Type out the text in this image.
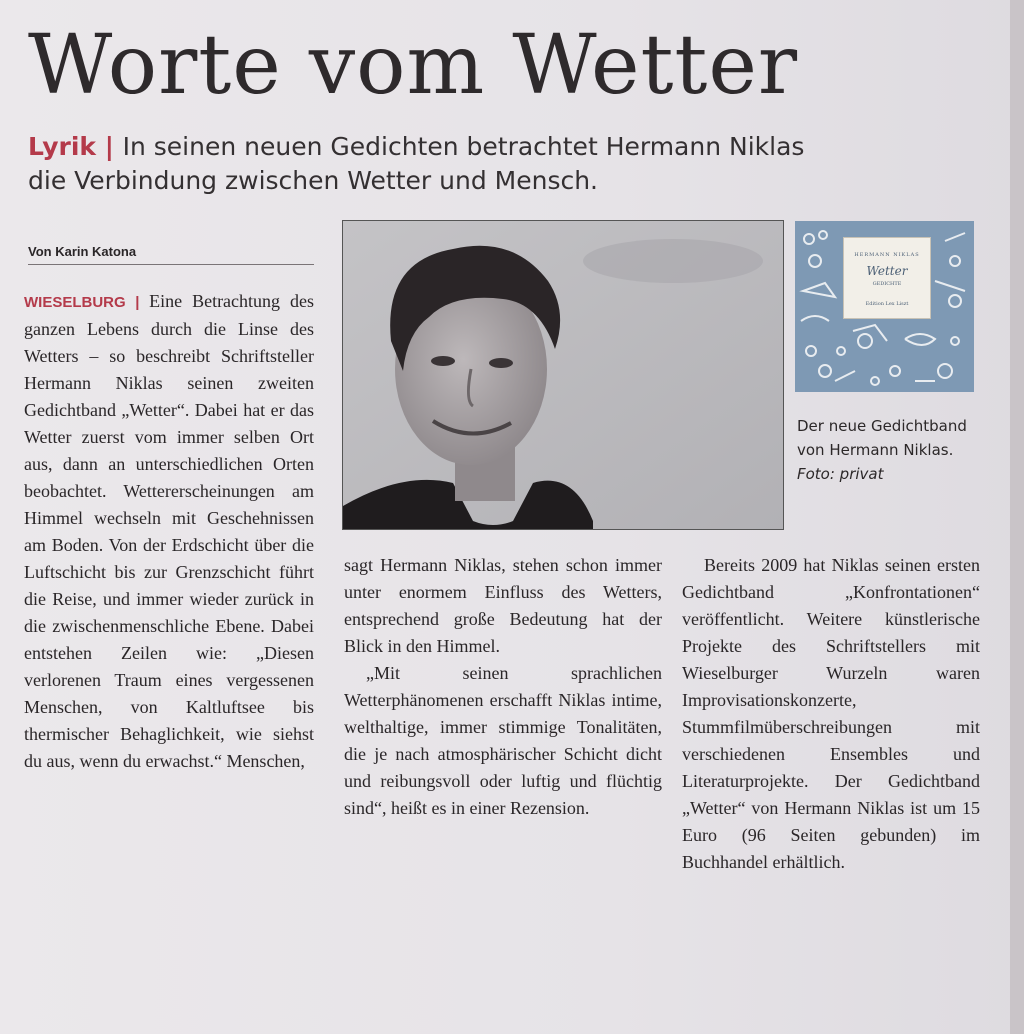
Worte vom Wetter
Lyrik | In seinen neuen Gedichten betrachtet Hermann Niklas die Verbindung zwischen Wetter und Mensch.
Von Karin Katona

WIESELBURG | Eine Betrachtung des ganzen Lebens durch die Linse des Wetters – so beschreibt Schriftsteller Hermann Niklas seinen zweiten Gedichtband „Wetter“. Dabei hat er das Wetter zuerst vom immer selben Ort aus, dann an unterschiedlichen Orten beobachtet. Wettererscheinungen am Himmel wechseln mit Geschehnissen am Boden. Von der Erdschicht über die Luftschicht bis zur Grenzschicht führt die Reise, und immer wieder zurück in die zwischenmenschliche Ebene. Dabei entstehen Zeilen wie: „Diesen verlorenen Traum eines vergessenen Menschen, von Kaltluftsee bis thermischer Behaglichkeit, wie siehst du aus, wenn du erwachst.“ Menschen,

HERMANN NIKLAS
Wetter
GEDICHTE
Edition Lex Liszt
Der neue Gedichtband von Hermann Niklas. Foto: privat

sagt Hermann Niklas, stehen schon immer unter enormem Einfluss des Wetters, entsprechend große Bedeutung hat der Blick in den Himmel.

„Mit seinen sprachlichen Wetterphänomenen erschafft Niklas intime, welthaltige, immer stimmige Tonalitäten, die je nach atmosphärischer Schicht dicht und reibungsvoll oder luftig und flüchtig sind“, heißt es in einer Rezension.

Bereits 2009 hat Niklas seinen ersten Gedichtband „Konfrontationen“ veröffentlicht. Weitere künstlerische Projekte des Schriftstellers mit Wieselburger Wurzeln waren Improvisationskonzerte, Stummfilmüberschreibungen mit verschiedenen Ensembles und Literaturprojekte. Der Gedichtband „Wetter“ von Hermann Niklas ist um 15 Euro (96 Seiten gebunden) im Buchhandel erhältlich.
